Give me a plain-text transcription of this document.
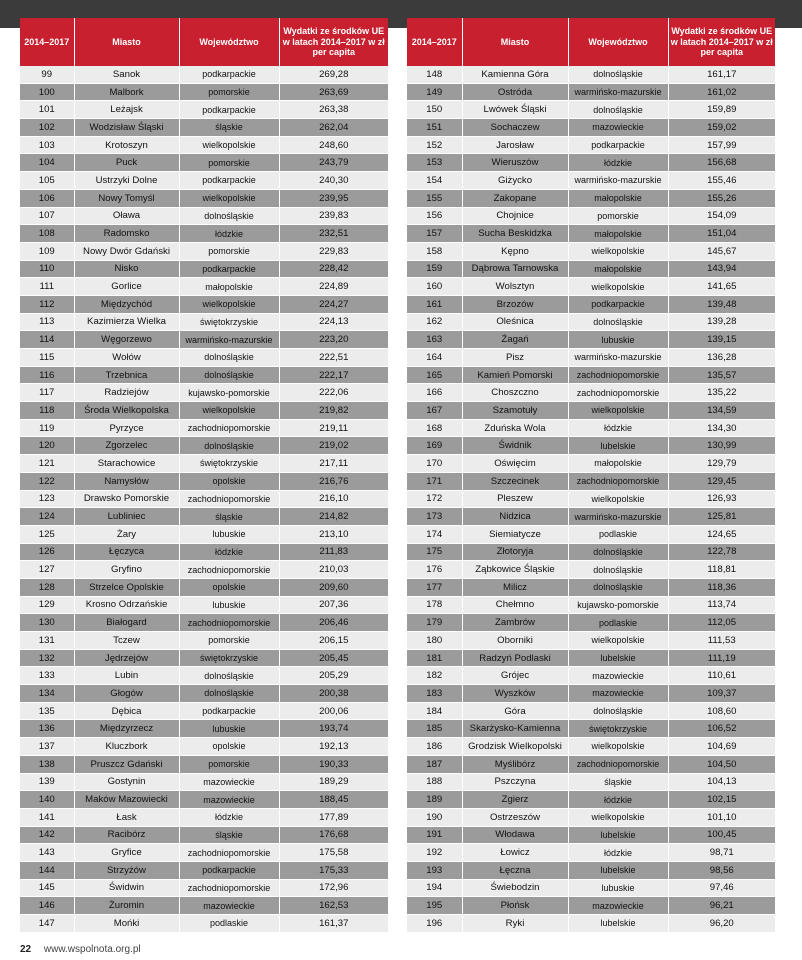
2014–2017	Miasto	Województwo	Wydatki ze środków UE w latach 2014–2017 w zł per capita
99	Sanok	podkarpackie	269,28
100	Malbork	pomorskie	263,69
101	Leżajsk	podkarpackie	263,38
102	Wodzisław Śląski	śląskie	262,04
103	Krotoszyn	wielkopolskie	248,60
104	Puck	pomorskie	243,79
105	Ustrzyki Dolne	podkarpackie	240,30
106	Nowy Tomyśl	wielkopolskie	239,95
107	Oława	dolnośląskie	239,83
108	Radomsko	łódzkie	232,51
109	Nowy Dwór Gdański	pomorskie	229,83
110	Nisko	podkarpackie	228,42
111	Gorlice	małopolskie	224,89
112	Międzychód	wielkopolskie	224,27
113	Kazimierza Wielka	świętokrzyskie	224,13
114	Węgorzewo	warmińsko-mazurskie	223,20
115	Wołów	dolnośląskie	222,51
116	Trzebnica	dolnośląskie	222,17
117	Radziejów	kujawsko-pomorskie	222,06
118	Środa Wielkopolska	wielkopolskie	219,82
119	Pyrzyce	zachodniopomorskie	219,11
120	Zgorzelec	dolnośląskie	219,02
121	Starachowice	świętokrzyskie	217,11
122	Namysłów	opolskie	216,76
123	Drawsko Pomorskie	zachodniopomorskie	216,10
124	Lubliniec	śląskie	214,82
125	Żary	lubuskie	213,10
126	Łęczyca	łódzkie	211,83
127	Gryfino	zachodniopomorskie	210,03
128	Strzelce Opolskie	opolskie	209,60
129	Krosno Odrzańskie	lubuskie	207,36
130	Białogard	zachodniopomorskie	206,46
131	Tczew	pomorskie	206,15
132	Jędrzejów	świętokrzyskie	205,45
133	Lubin	dolnośląskie	205,29
134	Głogów	dolnośląskie	200,38
135	Dębica	podkarpackie	200,06
136	Międzyrzecz	lubuskie	193,74
137	Kluczbork	opolskie	192,13
138	Pruszcz Gdański	pomorskie	190,33
139	Gostynin	mazowieckie	189,29
140	Maków Mazowiecki	mazowieckie	188,45
141	Łask	łódzkie	177,89
142	Racibórz	śląskie	176,68
143	Gryfice	zachodniopomorskie	175,58
144	Strzyżów	podkarpackie	175,33
145	Świdwin	zachodniopomorskie	172,96
146	Żuromin	mazowieckie	162,53
147	Mońki	podlaskie	161,37
2014–2017	Miasto	Województwo	Wydatki ze środków UE w latach 2014–2017 w zł per capita
148	Kamienna Góra	dolnośląskie	161,17
149	Ostróda	warmińsko-mazurskie	161,02
150	Lwówek Śląski	dolnośląskie	159,89
151	Sochaczew	mazowieckie	159,02
152	Jarosław	podkarpackie	157,99
153	Wieruszów	łódzkie	156,68
154	Giżycko	warmińsko-mazurskie	155,46
155	Zakopane	małopolskie	155,26
156	Chojnice	pomorskie	154,09
157	Sucha Beskidzka	małopolskie	151,04
158	Kępno	wielkopolskie	145,67
159	Dąbrowa Tarnowska	małopolskie	143,94
160	Wolsztyn	wielkopolskie	141,65
161	Brzozów	podkarpackie	139,48
162	Oleśnica	dolnośląskie	139,28
163	Żagań	lubuskie	139,15
164	Pisz	warmińsko-mazurskie	136,28
165	Kamień Pomorski	zachodniopomorskie	135,57
166	Choszczno	zachodniopomorskie	135,22
167	Szamotuły	wielkopolskie	134,59
168	Zduńska Wola	łódzkie	134,30
169	Świdnik	lubelskie	130,99
170	Oświęcim	małopolskie	129,79
171	Szczecinek	zachodniopomorskie	129,45
172	Pleszew	wielkopolskie	126,93
173	Nidzica	warmińsko-mazurskie	125,81
174	Siemiatycze	podlaskie	124,65
175	Złotoryja	dolnośląskie	122,78
176	Ząbkowice Śląskie	dolnośląskie	118,81
177	Milicz	dolnośląskie	118,36
178	Chełmno	kujawsko-pomorskie	113,74
179	Zambrów	podlaskie	112,05
180	Oborniki	wielkopolskie	111,53
181	Radzyń Podlaski	lubelskie	111,19
182	Grójec	mazowieckie	110,61
183	Wyszków	mazowieckie	109,37
184	Góra	dolnośląskie	108,60
185	Skarżysko-Kamienna	świętokrzyskie	106,52
186	Grodzisk Wielkopolski	wielkopolskie	104,69
187	Myślibórz	zachodniopomorskie	104,50
188	Pszczyna	śląskie	104,13
189	Zgierz	łódzkie	102,15
190	Ostrzeszów	wielkopolskie	101,10
191	Włodawa	lubelskie	100,45
192	Łowicz	łódzkie	98,71
193	Łęczna	lubelskie	98,56
194	Świebodzin	lubuskie	97,46
195	Płońsk	mazowieckie	96,21
196	Ryki	lubelskie	96,20
22 www.wspolnota.org.pl
